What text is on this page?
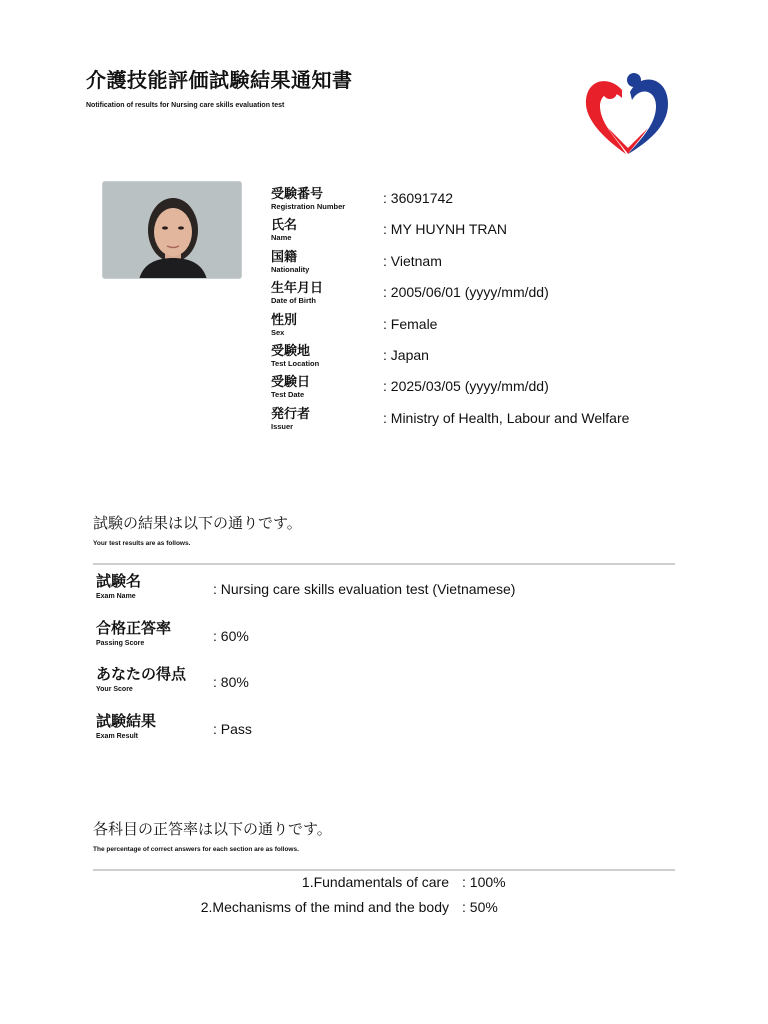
介護技能評価試験結果通知書
Notification of results for Nursing care skills evaluation test
受験番号
Registration Number
: 36091742
氏名
Name
: MY HUYNH TRAN
国籍
Nationality
: Vietnam
生年月日
Date of Birth
: 2005/06/01 (yyyy/mm/dd)
性別
Sex
: Female
受験地
Test Location
: Japan
受験日
Test Date
: 2025/03/05 (yyyy/mm/dd)
発行者
Issuer
: Ministry of Health, Labour and Welfare
試験の結果は以下の通りです。
Your test results are as follows.
試験名
Exam Name	: Nursing care skills evaluation test (Vietnamese)
合格正答率
Passing Score	: 60%
あなたの得点
Your Score	: 80%
試験結果
Exam Result	: Pass
各科目の正答率は以下の通りです。
The percentage of correct answers for each section are as follows.
1.Fundamentals of care : 100%
2.Mechanisms of the mind and the body : 50%
